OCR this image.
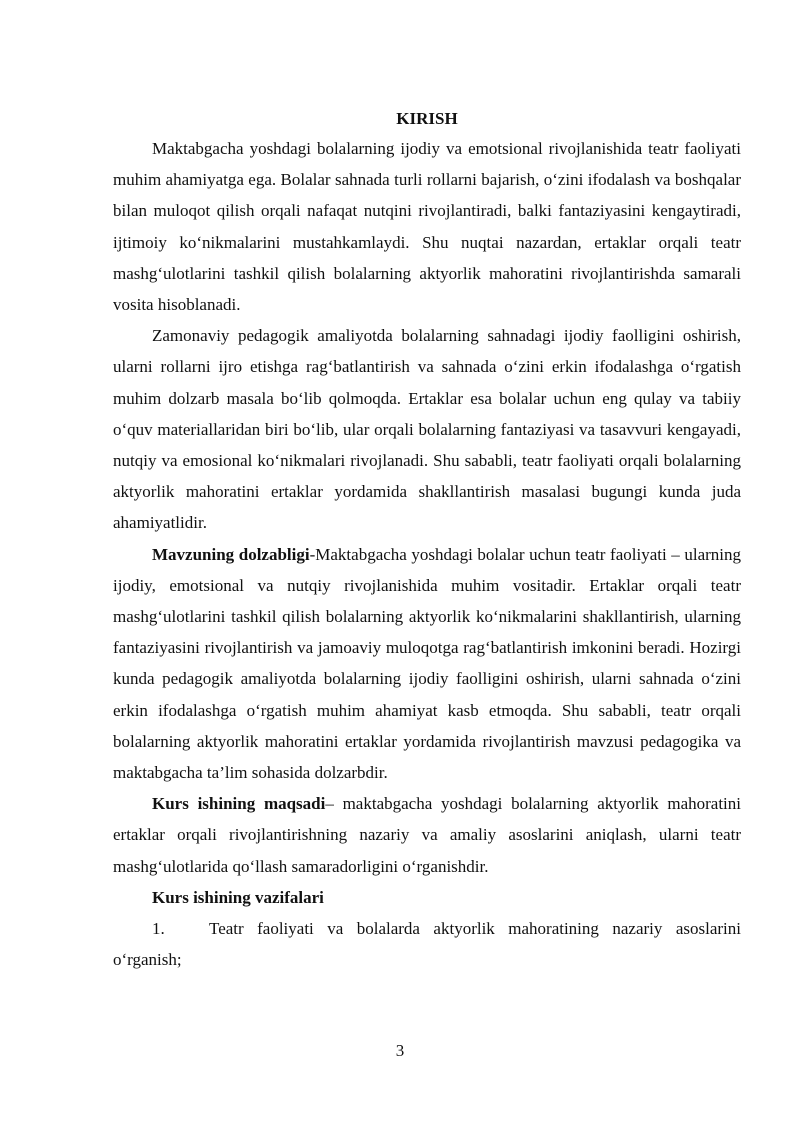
KIRISH

Maktabgacha yoshdagi bolalarning ijodiy va emotsional rivojlanishida teatr faoliyati muhim ahamiyatga ega. Bolalar sahnada turli rollarni bajarish, o‘zini ifodalash va boshqalar bilan muloqot qilish orqali nafaqat nutqini rivojlantiradi, balki fantaziyasini kengaytiradi, ijtimoiy ko‘nikmalarini mustahkamlaydi. Shu nuqtai nazardan, ertaklar orqali teatr mashg‘ulotlarini tashkil qilish bolalarning aktyorlik mahoratini rivojlantirishda samarali vosita hisoblanadi.

Zamonaviy pedagogik amaliyotda bolalarning sahnadagi ijodiy faolligini oshirish, ularni rollarni ijro etishga rag‘batlantirish va sahnada o‘zini erkin ifodalashga o‘rgatish muhim dolzarb masala bo‘lib qolmoqda. Ertaklar esa bolalar uchun eng qulay va tabiiy o‘quv materiallaridan biri bo‘lib, ular orqali bolalarning fantaziyasi va tasavvuri kengayadi, nutqiy va emosional ko‘nikmalari rivojlanadi. Shu sababli, teatr faoliyati orqali bolalarning aktyorlik mahoratini ertaklar yordamida shakllantirish masalasi bugungi kunda juda ahamiyatlidir.

Mavzuning dolzabligi-Maktabgacha yoshdagi bolalar uchun teatr faoliyati – ularning ijodiy, emotsional va nutqiy rivojlanishida muhim vositadir. Ertaklar orqali teatr mashg‘ulotlarini tashkil qilish bolalarning aktyorlik ko‘nikmalarini shakllantirish, ularning fantaziyasini rivojlantirish va jamoaviy muloqotga rag‘batlantirish imkonini beradi. Hozirgi kunda pedagogik amaliyotda bolalarning ijodiy faolligini oshirish, ularni sahnada o‘zini erkin ifodalashga o‘rgatish muhim ahamiyat kasb etmoqda. Shu sababli, teatr orqali bolalarning aktyorlik mahoratini ertaklar yordamida rivojlantirish mavzusi pedagogika va maktabgacha ta’lim sohasida dolzarbdir.

Kurs ishining maqsadi– maktabgacha yoshdagi bolalarning aktyorlik mahoratini ertaklar orqali rivojlantirishning nazariy va amaliy asoslarini aniqlash, ularni teatr mashg‘ulotlarida qo‘llash samaradorligini o‘rganishdir.

Kurs ishining vazifalari

1.	Teatr faoliyati va bolalarda aktyorlik mahoratining nazariy asoslarini o‘rganish;

3
